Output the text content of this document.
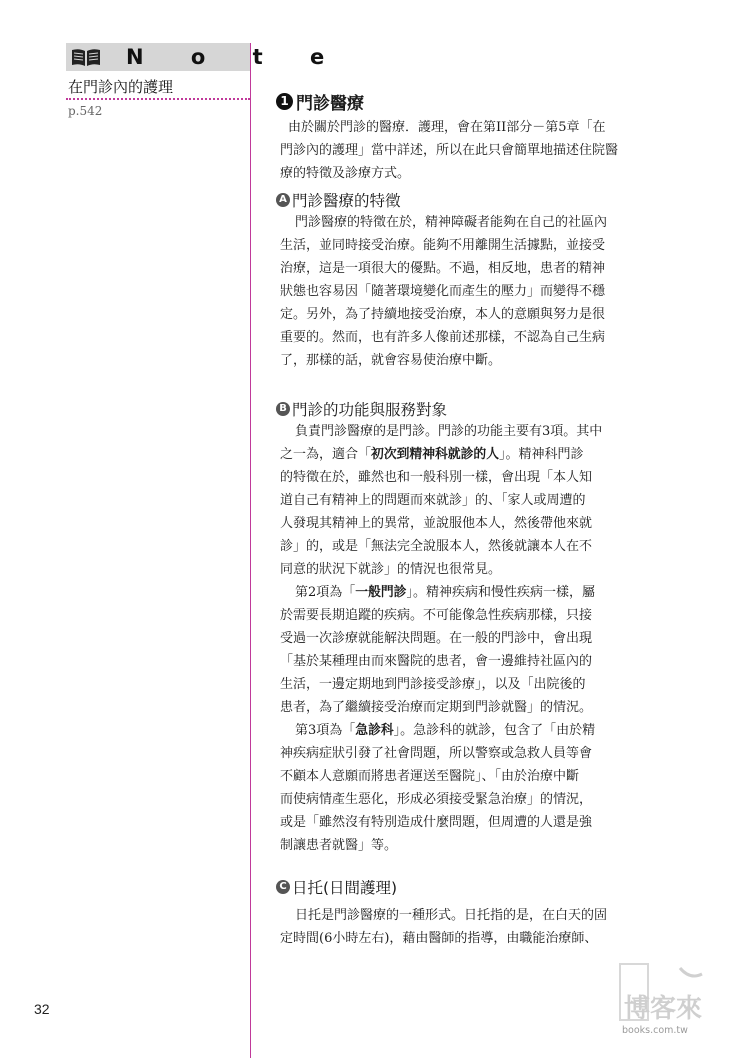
N o t e
在門診內的護理
p.542
32
1 門診醫療
由於關於門診的醫療．護理，會在第II部分－第5章「在
門診內的護理」當中詳述，所以在此只會簡單地描述住院醫
療的特徵及診療方式。
A 門診醫療的特徵
門診醫療的特徵在於，精神障礙者能夠在自己的社區內
生活，並同時接受治療。能夠不用離開生活據點，並接受
治療，這是一項很大的優點。不過，相反地，患者的精神
狀態也容易因「隨著環境變化而產生的壓力」而變得不穩
定。另外，為了持續地接受治療，本人的意願與努力是很
重要的。然而，也有許多人像前述那樣，不認為自己生病
了，那樣的話，就會容易使治療中斷。
B 門診的功能與服務對象
負責門診醫療的是門診。門診的功能主要有3項。其中
之一為，適合「初次到精神科就診的人」。精神科門診
的特徵在於，雖然也和一般科別一樣，會出現「本人知
道自己有精神上的問題而來就診」的、「家人或周遭的
人發現其精神上的異常，並說服他本人，然後帶他來就
診」的，或是「無法完全說服本人，然後就讓本人在不
同意的狀況下就診」的情況也很常見。
第2項為「一般門診」。精神疾病和慢性疾病一樣，屬
於需要長期追蹤的疾病。不可能像急性疾病那樣，只接
受過一次診療就能解決問題。在一般的門診中，會出現
「基於某種理由而來醫院的患者，會一邊維持社區內的
生活，一邊定期地到門診接受診療」，以及「出院後的
患者，為了繼續接受治療而定期到門診就醫」的情況。
第3項為「急診科」。急診科的就診，包含了「由於精
神疾病症狀引發了社會問題，所以警察或急救人員等會
不顧本人意願而將患者運送至醫院」、「由於治療中斷
而使病情產生惡化，形成必須接受緊急治療」的情況，
或是「雖然沒有特別造成什麼問題，但周遭的人還是強
制讓患者就醫」等。
C 日托(日間護理)
日托是門診醫療的一種形式。日托指的是，在白天的固
定時間(6小時左右)，藉由醫師的指導，由職能治療師、
博客來
books.com.tw
